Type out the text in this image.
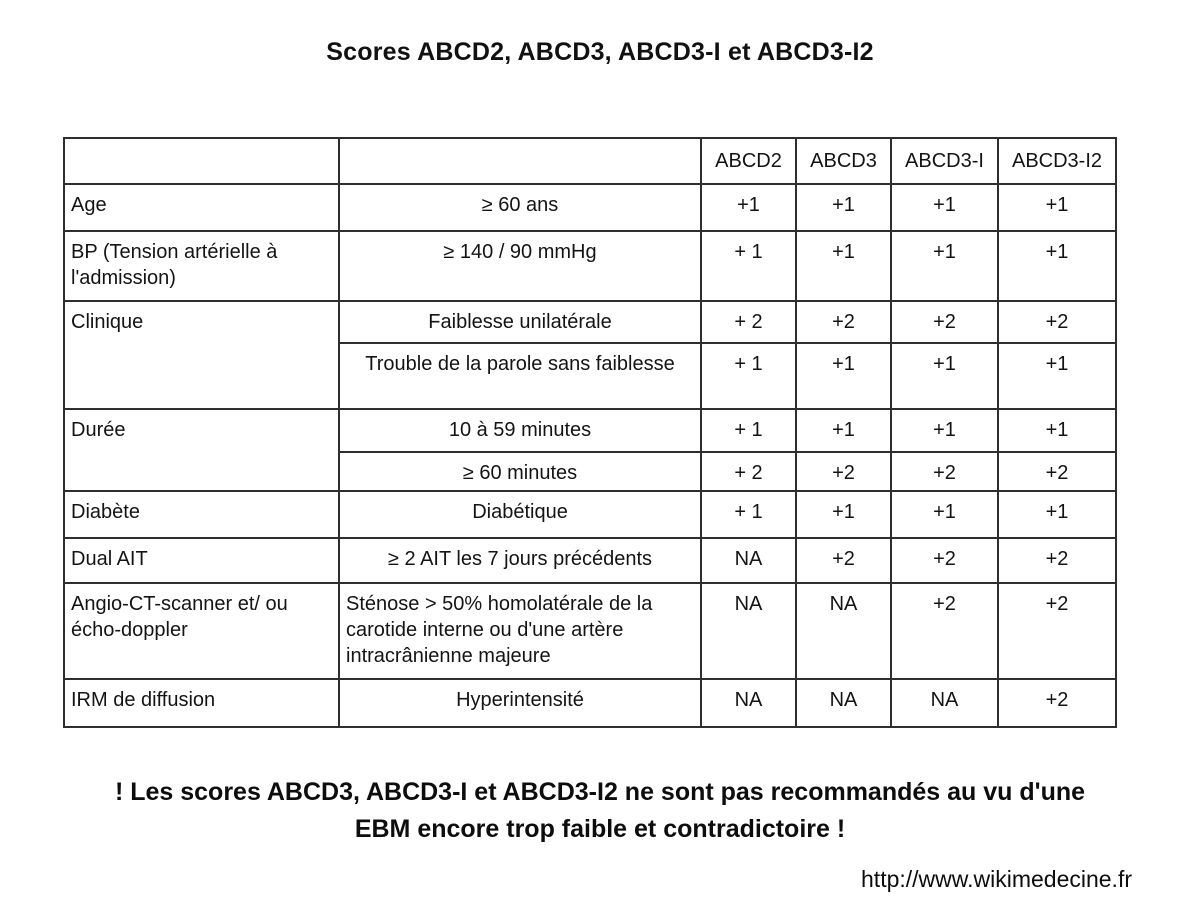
Scores ABCD2, ABCD3, ABCD3-I et ABCD3-I2
		ABCD2	ABCD3	ABCD3-I	ABCD3-I2
Age	≥ 60 ans	+1	+1	+1	+1
BP (Tension artérielle à l'admission)	≥ 140 / 90 mmHg	+ 1	+1	+1	+1
Clinique	Faiblesse unilatérale	+ 2	+2	+2	+2
	Trouble de la parole sans faiblesse	+ 1	+1	+1	+1
Durée	10 à 59 minutes	+ 1	+1	+1	+1
	≥ 60 minutes	+ 2	+2	+2	+2
Diabète	Diabétique	+ 1	+1	+1	+1
Dual AIT	≥ 2 AIT les 7 jours précédents	NA	+2	+2	+2
Angio-CT-scanner et/ ou écho-doppler	Sténose > 50% homolatérale de la carotide interne ou d'une artère intracrânienne majeure	NA	NA	+2	+2
IRM de diffusion	Hyperintensité	NA	NA	NA	+2
! Les scores ABCD3, ABCD3-I et ABCD3-I2 ne sont pas recommandés au vu d'une
EBM encore trop faible et contradictoire !
http://www.wikimedecine.fr
